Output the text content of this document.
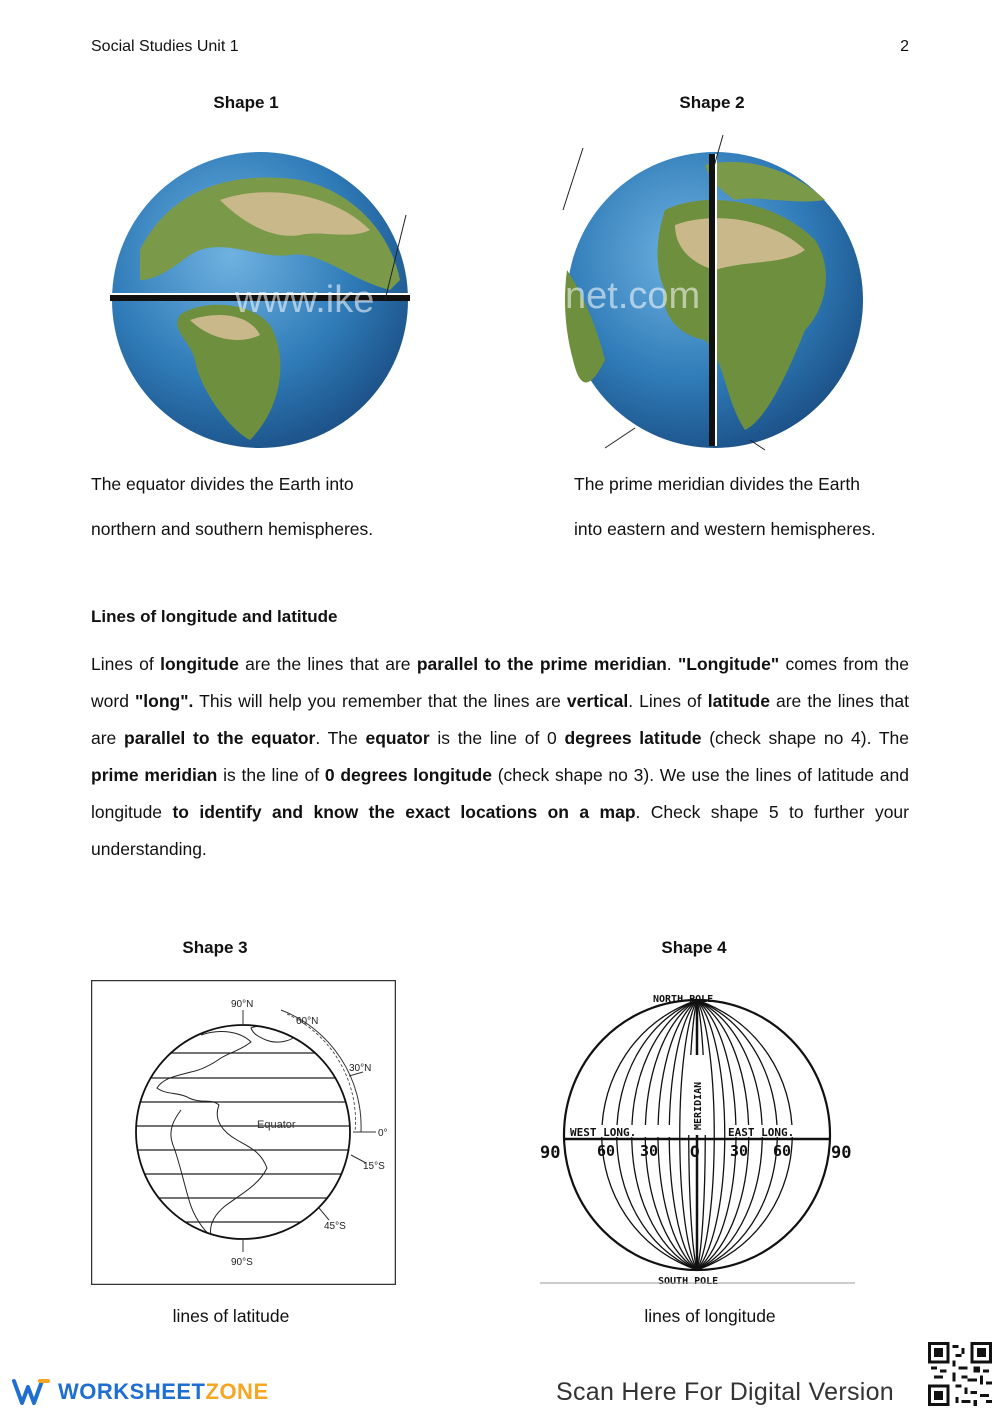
Social Studies Unit 1	2
Shape 1
www.ike
The equator divides the Earth into
northern and southern hemispheres.
Shape 2
net.com
The prime meridian divides the Earth
into eastern and western hemispheres.
Lines of longitude and latitude
Lines of longitude are the lines that are parallel to the prime meridian. "Longitude" comes from the word "long". This will help you remember that the lines are vertical. Lines of latitude are the lines that are parallel to the equator. The equator is the line of 0 degrees latitude (check shape no 4). The prime meridian is the line of 0 degrees longitude (check shape no 3). We use the lines of latitude and longitude to identify and know the exact locations on a map. Check shape 5 to further your understanding.
Shape 3
90°N
60°N
30°N
0°
Equator
15°S
45°S
90°S
lines of latitude
Shape 4
MERIDIAN
NORTH POLE
SOUTH POLE
WEST LONG.	EAST LONG.
90 60 30 O 30 60 90
lines of longitude
WORKSHEETZONE	Scan Here For Digital Version
